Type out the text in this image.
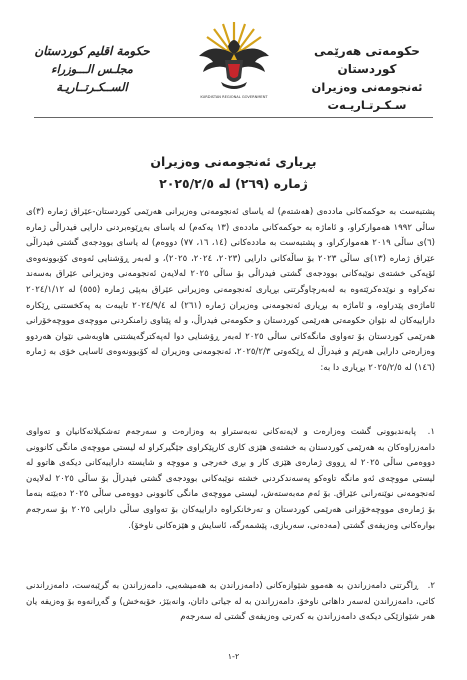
حكومەتی هەرێمی كوردستان
ئەنجومەنی وەزیران
سـكـرتـاريـەت
KURDISTAN REGIONAL GOVERNMENT
حكومة اقليم كوردستان
مجلـس الـــوزراء
الســكـرتــاريـة
بڕیاری ئەنجومەنی وەزیران
ژمارە (٢٦٩) لە ٢٠٢٥/٢/٥
پشتبەست بە حوكمەكانی ماددەی (هەشتەم) لە یاسای ئەنجومەنی وەزیرانی هەرێمی كوردستان-عێراق ژمارە (٣)ی ساڵی ١٩٩٢ هەمواركراو، و ئاماژە بە حوكمەكانی ماددەی (١٣ یەكەم) لە یاسای بەڕێوەبردنی دارایی فیدراڵی ژمارە (٦)ی ساڵی ٢٠١٩ هەمواركراو، و پشتبەست بە ماددەكانی (١٤، ١٦، ٧٧) دووەم) لە یاسای بوودجەی گشتی فیدراڵی عێراق ژمارە (١٣)ی ساڵی ٢٠٢٣ بۆ ساڵەكانی دارایی (٢٠٢٣، ٢٠٢٤، ٢٠٢٥)، و لەبەر ڕۆشنایی ئەوەی كۆبوونەوەی ئۆپەكی خشتەی نوێبەكانی بوودجەی گشتی فیدراڵی بۆ ساڵی ٢٠٢٥ لەلایەن ئەنجومەنی وەزیرانی عێراق بەسەند نەكراوە و نوێدەكرێتەوە بە لەبەرچاوگرتنی بڕیاری ئەنجومەنی وەزیرانی عێراق بەپێی ژمارە (٥٥٥) لە ٢٠٢٤/١/١٢ ئاماژەی پێدراوە، و ئاماژە بە بڕیاری ئەنجومەنی وەزیران ژمارە (٢٦١) لە ٢٠٢٤/٩/٤ تایبەت بە پەكخستنی ڕێكارە داراییەكان لە نێوان حكومەتی هەرێمی كوردستان و حكومەتی فیدراڵ، و لە پێناوی زامنكردنی مووچەی مووچەخۆرانی هەرێمی كوردستان بۆ تەواوی مانگەكانی ساڵی ٢٠٢٥ لەبەر ڕۆشنایی دوا لەپەكترگەیشتنی هاوبەشی نێوان هەردوو وەزارەتی دارایی هەرێم و فیدراڵ لە ڕێكەوتی ٢٠٢٥/٢/٣، ئەنجومەنی وەزیران لە كۆبوونەوەی ئاسایی خۆی بە ژمارە (١٤٦) لە ٢٠٢٥/٢/٥ بڕیاری دا بە:
١. پابەندبوونی گشت وەزارەت و لایەنەكانی نەبەستراو بە وەزارەت و سەرجەم تەشكیلاتەكانیان و تەواوی دامەزراوەكان بە هەرێمی كوردستان بە خشتەی هێزی كاری كارپێكراوی جێگیركراو لە لیستی مووچەی مانگی كانوونی دووەمی ساڵی ٢٠٢٥ لە ڕووی ژمارەی هێزی كار و بڕی خەرجی و مووچە و شایستە داراییەكانی دیكەی هاتوو لە لیستی مووچەی ئەو مانگە تاوەكو پەسەندكردنی خشتە نوێبەكانی بوودجەی گشتی فیدراڵ بۆ ساڵی ٢٠٢٥ لەلایەن ئەنجومەنی نوێنەرانی عێراق. بۆ ئەم مەبەستەش، لیستی مووچەی مانگی كانوونی دووەمی ساڵی ٢٠٢٥ دەبێتە بنەما بۆ ژمارەی مووچەخۆرانی هەرێمی كوردستان و تەرخانكراوە داراییەكان بۆ تەواوی ساڵی دارایی ٢٠٢٥ بۆ سەرجەم بوارەكانی وەزیفەی گشتی (مەدەنی، سەربازی، پێشمەرگە، ئاسایش و هێزەكانی ناوخۆ).
٢. ڕاگرتنی دامەزراندن بە هەموو شێوازەكانی (دامەزراندن بە هەمیشەیی، دامەزراندن بە گرێبەست، دامەزراندنی كاتی، دامەزراندن لەسەر داهاتی ناوخۆ، دامەزراندن بە لە جیاتی داتان، وانەبێژ، خۆبەخش) و گەڕانەوە بۆ وەزیفە یان هەر شێوازێكی دیكەی دامەزراندن بە كەرتی وەزیفەی گشتی لە سەرجەم
٢-١
